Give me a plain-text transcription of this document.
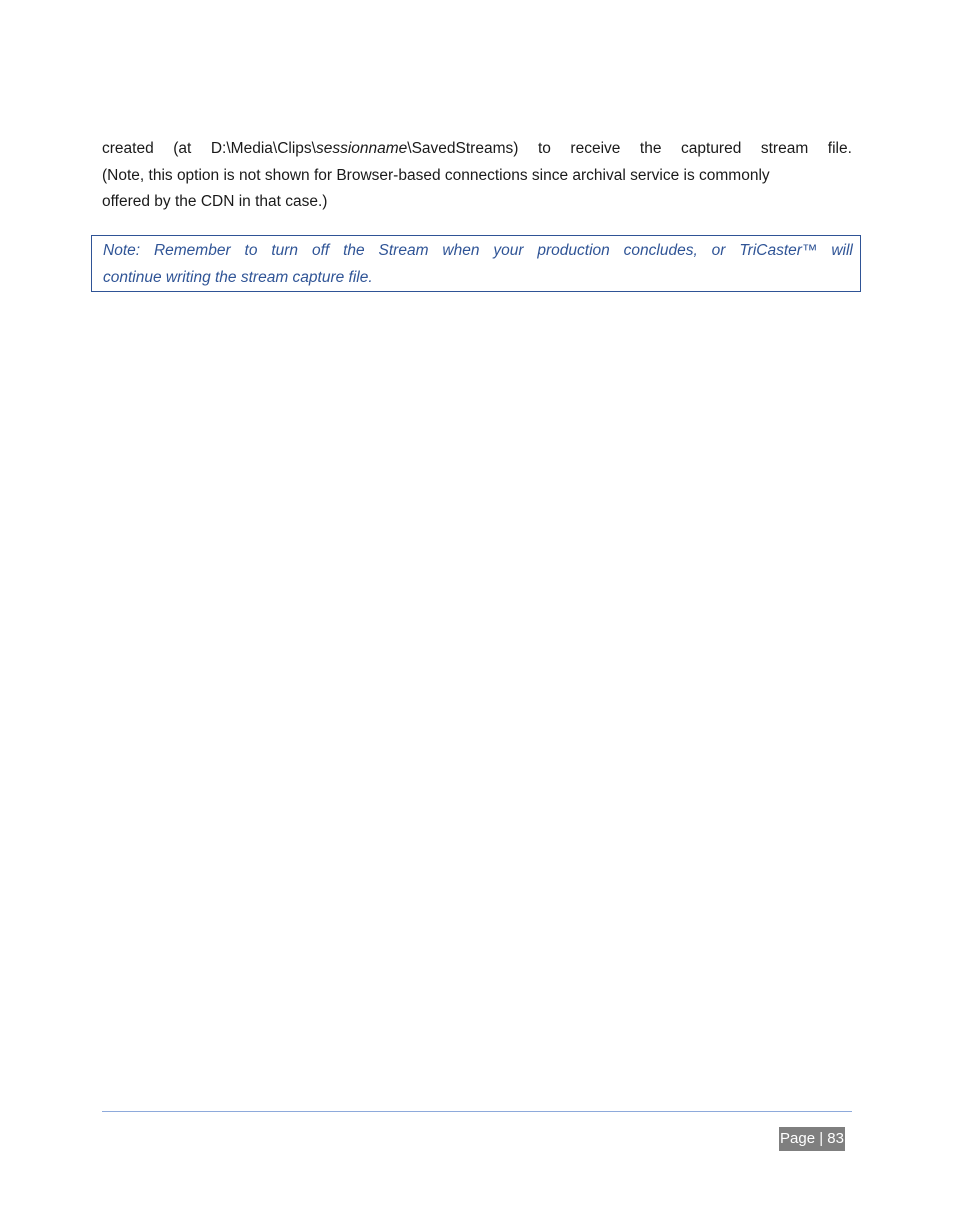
created (at D:\Media\Clips\sessionname\SavedStreams) to receive the captured stream file.
(Note, this option is not shown for Browser-based connections since archival service is commonly
offered by the CDN in that case.)
Note: Remember to turn off the Stream when your production concludes, or TriCaster™ will
continue writing the stream capture file.
Page | 83
